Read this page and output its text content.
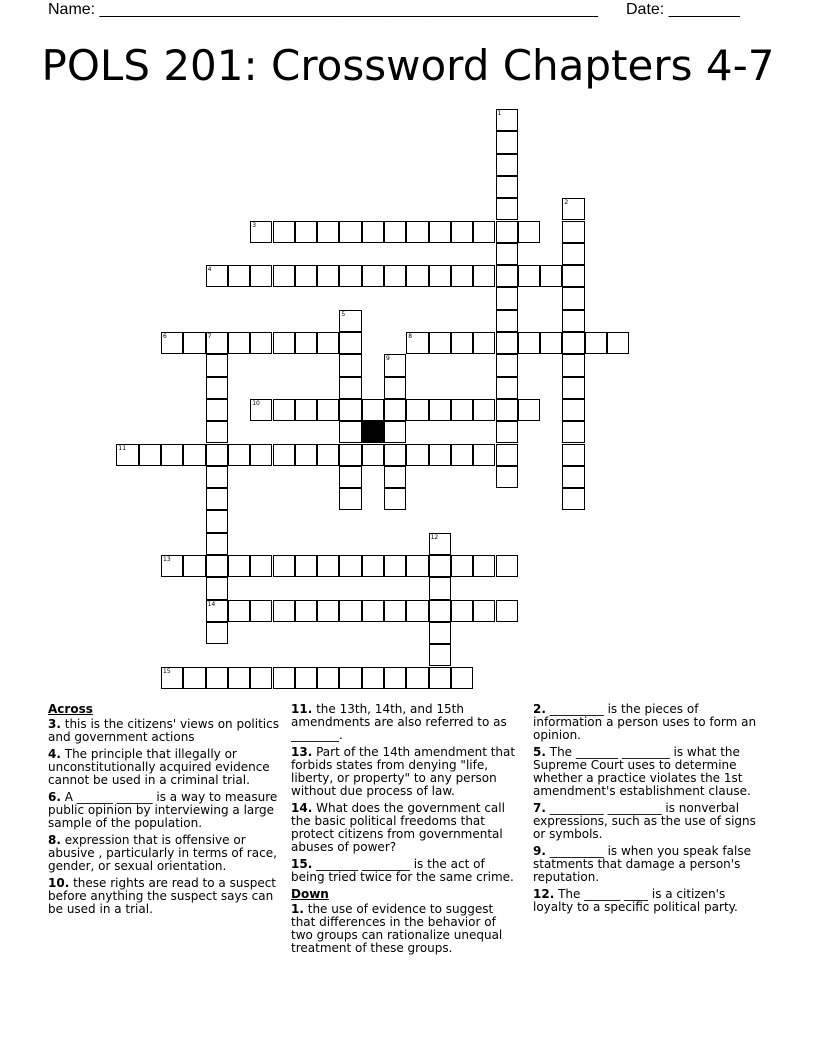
Name: ________________________________________________________ Date: ________
POLS 201: Crossword Chapters 4-7
3
4
6	7	8
10
11
13
14
15
1
2
5
9
12
Across
3. this is the citizens' views on politics and government actions
4. The principle that illegally or unconstitutionally acquired evidence cannot be used in a criminal trial.
6. A ______ ______ is a way to measure public opinion by interviewing a large sample of the population.
8. expression that is offensive or abusive , particularly in terms of race, gender, or sexual orientation.
10. these rights are read to a suspect before anything the suspect says can be used in a trial.
11. the 13th, 14th, and 15th amendments are also referred to as ________.
13. Part of the 14th amendment that forbids states from denying "life, liberty, or property" to any person without due process of law.
14. What does the government call the basic political freedoms that protect citizens from governmental abuses of power?
15. _______ ________ is the act of being tried twice for the same crime.
Down
1. the use of evidence to suggest that differences in the behavior of two groups can rationalize unequal treatment of these groups.
2. _________ is the pieces of information a person uses to form an opinion.
5. The _______ ________ is what the Supreme Court uses to determine whether a practice violates the 1st amendment's establishment clause.
7. _________ _________ is nonverbal expressions, such as the use of signs or symbols.
9. _________ is when you speak false statments that damage a person's reputation.
12. The ______ ____ is a citizen's loyalty to a specific political party.
